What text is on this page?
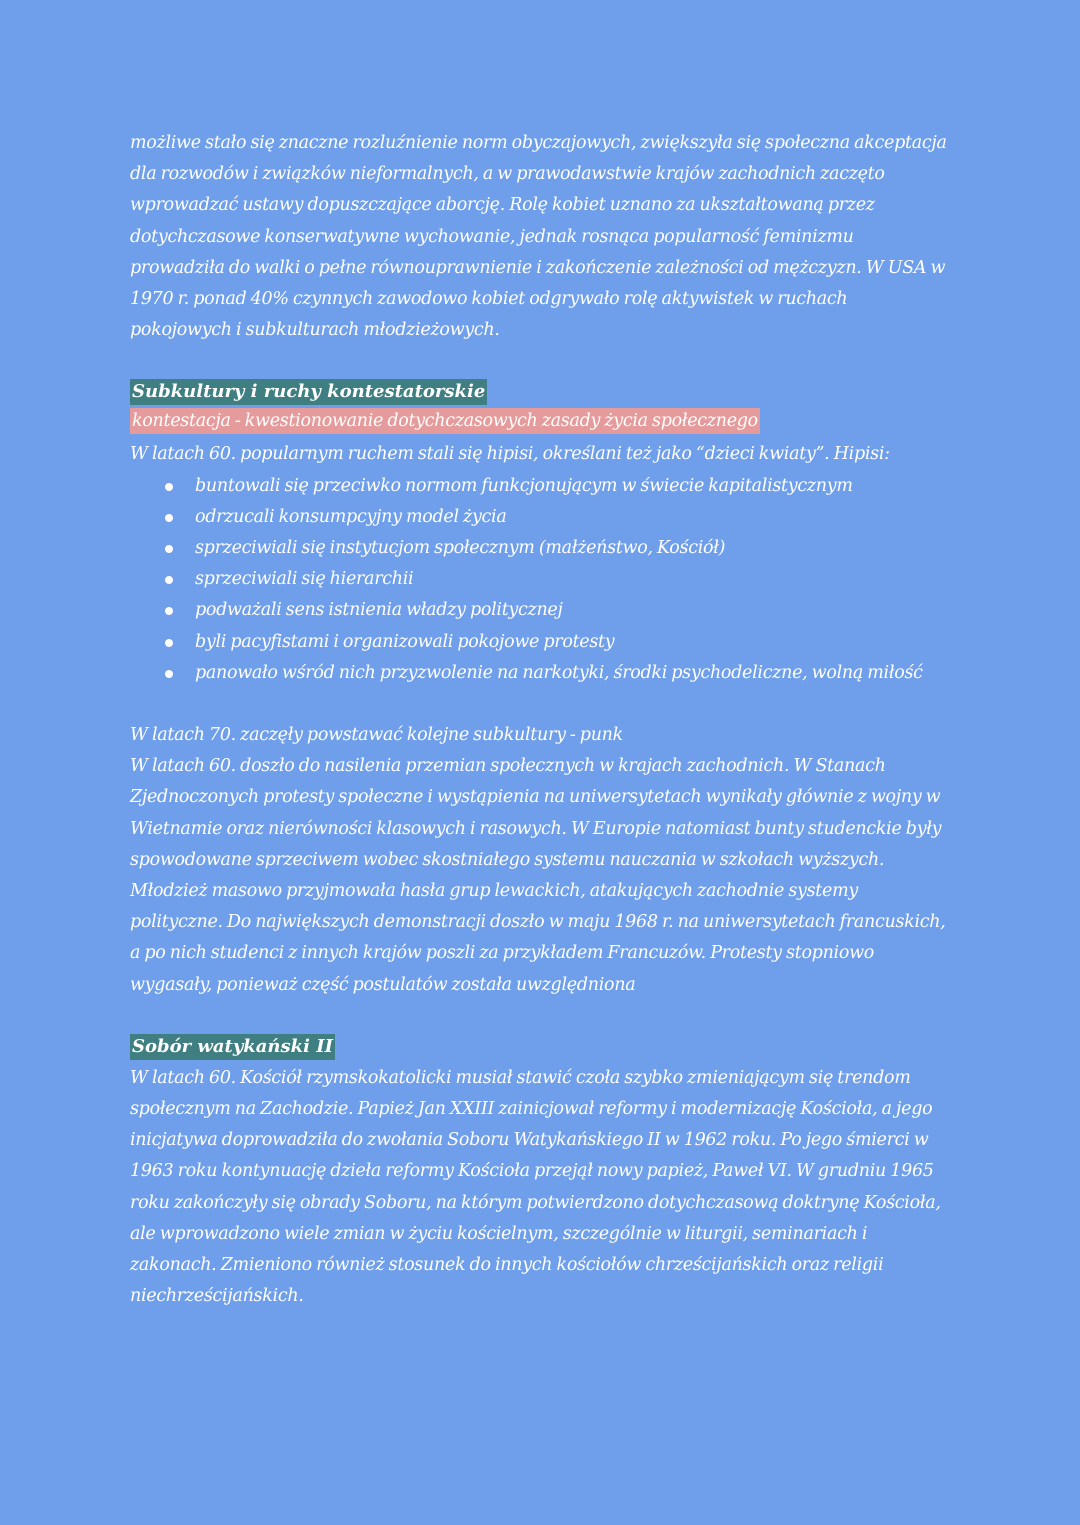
możliwe stało się znaczne rozluźnienie norm obyczajowych, zwiększyła się społeczna akceptacja dla rozwodów i związków nieformalnych, a w prawodawstwie krajów zachodnich zaczęto wprowadzać ustawy dopuszczające aborcję. Rolę kobiet uznano za ukształtowaną przez dotychczasowe konserwatywne wychowanie, jednak rosnąca popularność feminizmu prowadziła do walki o pełne równouprawnienie i zakończenie zależności od mężczyzn. W USA w 1970 r. ponad 40% czynnych zawodowo kobiet odgrywało rolę aktywistek w ruchach pokojowych i subkulturach młodzieżowych.

Subkultury i ruchy kontestatorskie
kontestacja - kwestionowanie dotychczasowych zasady życia społecznego

W latach 60. popularnym ruchem stali się hipisi, określani też jako “dzieci kwiaty”. Hipisi:

buntowali się przeciwko normom funkcjonującym w świecie kapitalistycznym
odrzucali konsumpcyjny model życia
sprzeciwiali się instytucjom społecznym (małżeństwo, Kościół)
sprzeciwiali się hierarchii
podważali sens istnienia władzy politycznej
byli pacyfistami i organizowali pokojowe protesty
panowało wśród nich przyzwolenie na narkotyki, środki psychodeliczne, wolną miłość

W latach 70. zaczęły powstawać kolejne subkultury - punk

W latach 60. doszło do nasilenia przemian społecznych w krajach zachodnich. W Stanach Zjednoczonych protesty społeczne i wystąpienia na uniwersytetach wynikały głównie z wojny w Wietnamie oraz nierówności klasowych i rasowych. W Europie natomiast bunty studenckie były spowodowane sprzeciwem wobec skostniałego systemu nauczania w szkołach wyższych. Młodzież masowo przyjmowała hasła grup lewackich, atakujących zachodnie systemy polityczne. Do największych demonstracji doszło w maju 1968 r. na uniwersytetach francuskich, a po nich studenci z innych krajów poszli za przykładem Francuzów. Protesty stopniowo wygasały, ponieważ część postulatów została uwzględniona

Sobór watykański II

W latach 60. Kościół rzymskokatolicki musiał stawić czoła szybko zmieniającym się trendom społecznym na Zachodzie. Papież Jan XXIII zainicjował reformy i modernizację Kościoła, a jego inicjatywa doprowadziła do zwołania Soboru Watykańskiego II w 1962 roku. Po jego śmierci w 1963 roku kontynuację dzieła reformy Kościoła przejął nowy papież, Paweł VI. W grudniu 1965 roku zakończyły się obrady Soboru, na którym potwierdzono dotychczasową doktrynę Kościoła, ale wprowadzono wiele zmian w życiu kościelnym, szczególnie w liturgii, seminariach i zakonach. Zmieniono również stosunek do innych kościołów chrześcijańskich oraz religii niechrześcijańskich.
